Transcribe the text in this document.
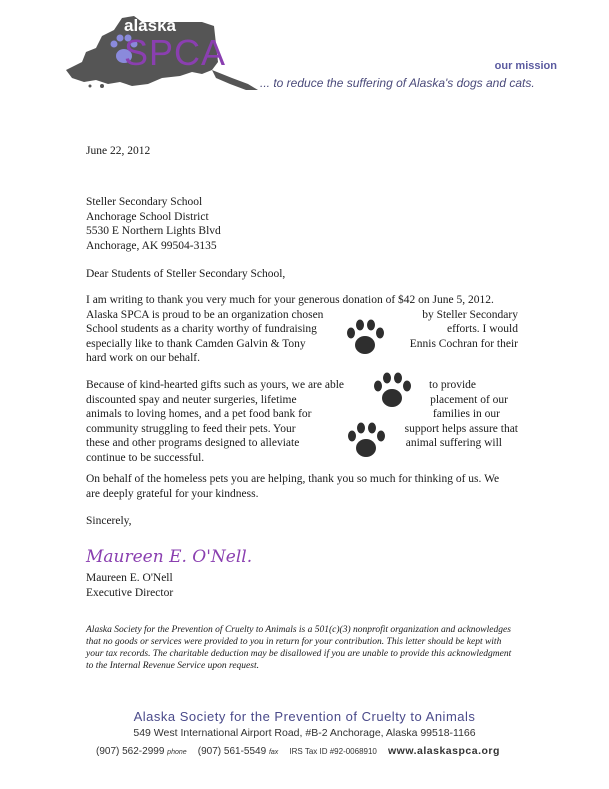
alaska
SPCA	our mission
... to reduce the suffering of Alaska's dogs and cats.
June 22, 2012
Steller Secondary School
Anchorage School District
5530 E Northern Lights Blvd
Anchorage, AK 99504-3135
Dear Students of Steller Secondary School,
I am writing to thank you very much for your generous donation of $42 on June 5, 2012.
Alaska SPCA is proud to be an organization chosen	by Steller Secondary
School students as a charity worthy of fundraising	efforts. I would
especially like to thank Camden Galvin & Tony	Ennis Cochran for their
hard work on our behalf.
Because of kind-hearted gifts such as yours, we are able	to provide
discounted spay and neuter surgeries, lifetime	placement of our
animals to loving homes, and a pet food bank for	families in our
community struggling to feed their pets. Your	support helps assure that
these and other programs designed to alleviate	animal suffering will
continue to be successful.
On behalf of the homeless pets you are helping, thank you so much for thinking of us. We
are deeply grateful for your kindness.
Sincerely,
Maureen E. O'Nell.
Maureen E. O'Nell
Executive Director
Alaska Society for the Prevention of Cruelty to Animals is a 501(c)(3) nonprofit organization and acknowledges that no goods or services were provided to you in return for your contribution. This letter should be kept with your tax records. The charitable deduction may be disallowed if you are unable to provide this acknowledgment to the Internal Revenue Service upon request.
Alaska Society for the Prevention of Cruelty to Animals
549 West International Airport Road, #B-2 Anchorage, Alaska 99518-1166
(907) 562-2999 phone (907) 561-5549 fax IRS Tax ID #92-0068910 www.alaskaspca.org
